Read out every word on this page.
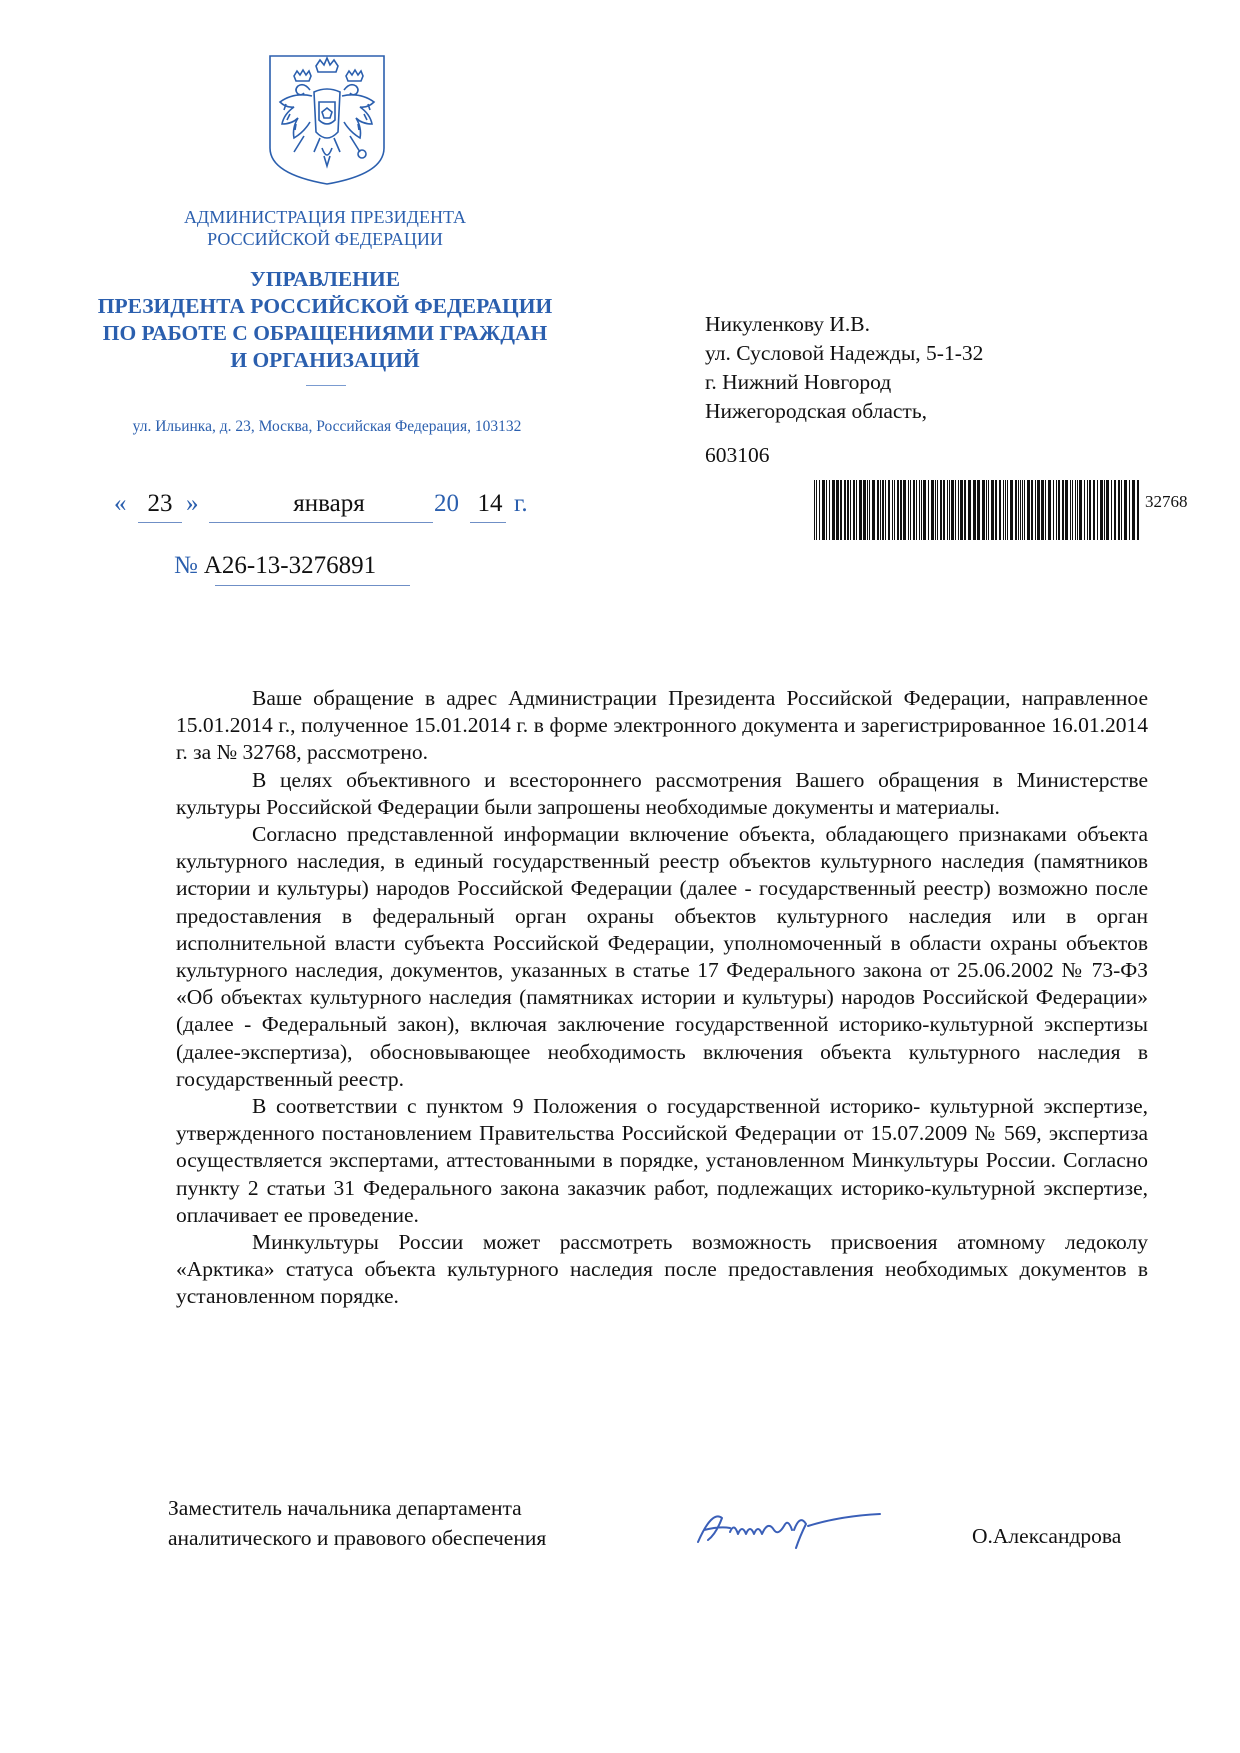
АДМИНИСТРАЦИЯ ПРЕЗИДЕНТА
РОССИЙСКОЙ ФЕДЕРАЦИИ
УПРАВЛЕНИЕ
ПРЕЗИДЕНТА РОССИЙСКОЙ ФЕДЕРАЦИИ
ПО РАБОТЕ С ОБРАЩЕНИЯМИ ГРАЖДАН
И ОРГАНИЗАЦИЙ
ул. Ильинка, д. 23, Москва, Российская Федерация, 103132
« 23 »	января	20 14 г.
№ А26-13-3276891
Никуленкову И.В.
ул. Сусловой Надежды, 5-1-32
г. Нижний Новгород
Нижегородская область,
603106
32768

Ваше обращение в адрес Администрации Президента Российской Федерации, направленное 15.01.2014 г., полученное 15.01.2014 г. в форме электронного документа и зарегистрированное 16.01.2014 г. за № 32768, рассмотрено.

В целях объективного и всестороннего рассмотрения Вашего обращения в Министерстве культуры Российской Федерации были запрошены необходимые документы и материалы.

Согласно представленной информации включение объекта, обладающего признаками объекта культурного наследия, в единый государственный реестр объектов культурного наследия (памятников истории и культуры) народов Российской Федерации (далее - государственный реестр) возможно после предоставления в федеральный орган охраны объектов культурного наследия или в орган исполнительной власти субъекта Российской Федерации, уполномоченный в области охраны объектов культурного наследия, документов, указанных в статье 17 Федерального закона от 25.06.2002 № 73-ФЗ «Об объектах культурного наследия (памятниках истории и культуры) народов Российской Федерации» (далее - Федеральный закон), включая заключение государственной историко-культурной экспертизы (далее-экспертиза), обосновывающее необходимость включения объекта культурного наследия в государственный реестр.

В соответствии с пунктом 9 Положения о государственной историко- культурной экспертизе, утвержденного постановлением Правительства Российской Федерации от 15.07.2009 № 569, экспертиза осуществляется экспертами, аттестованными в порядке, установленном Минкультуры России. Согласно пункту 2 статьи 31 Федерального закона заказчик работ, подлежащих историко-культурной экспертизе, оплачивает ее проведение.

Минкультуры России может рассмотреть возможность присвоения атомному ледоколу «Арктика» статуса объекта культурного наследия после предоставления необходимых документов в установленном порядке.

Заместитель начальника департамента
аналитического и правового обеспечения	О.Александрова
